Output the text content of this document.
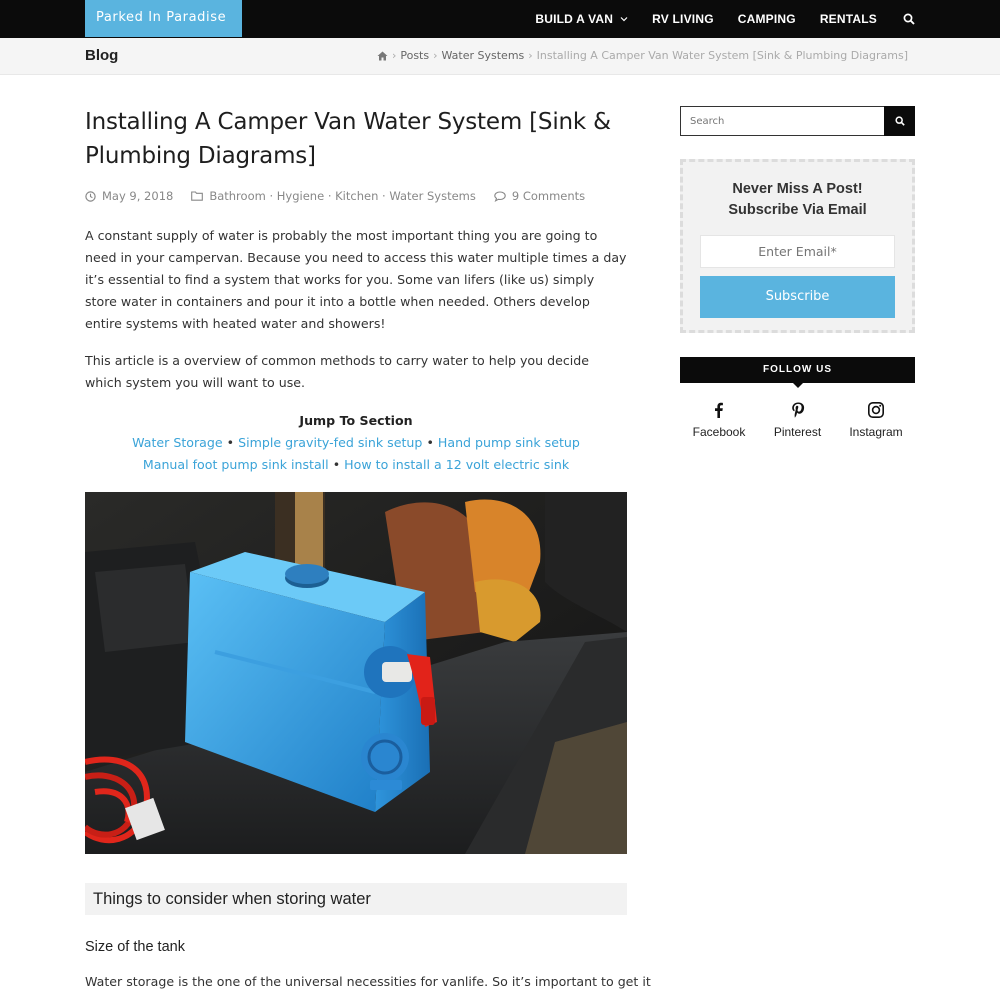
Parked In Paradise	BUILD A VAN	RV LIVING CAMPING RENTALS
Blog	› Posts › Water Systems › Installing A Camper Van Water System [Sink & Plumbing Diagrams]
Installing A Camper Van Water System [Sink & Plumbing Diagrams]
May 9, 2018	Bathroom · Hygiene · Kitchen · Water Systems	9 Comments

A constant supply of water is probably the most important thing you are going to need in your campervan. Because you need to access this water multiple times a day it’s essential to find a system that works for you. Some van lifers (like us) simply store water in containers and pour it into a bottle when needed. Others develop entire systems with heated water and showers!

This article is a overview of common methods to carry water to help you decide which system you will want to use.

Jump To Section
Water Storage • Simple gravity-fed sink setup • Hand pump sink setup
Manual foot pump sink install • How to install a 12 volt electric sink
Things to consider when storing water
Size of the tank

Water storage is the one of the universal necessities for vanlife. So it’s important to get it

Search
Never Miss A Post!
Subscribe Via Email
Enter Email*
Subscribe
FOLLOW US
Facebook	Pinterest	Instagram
